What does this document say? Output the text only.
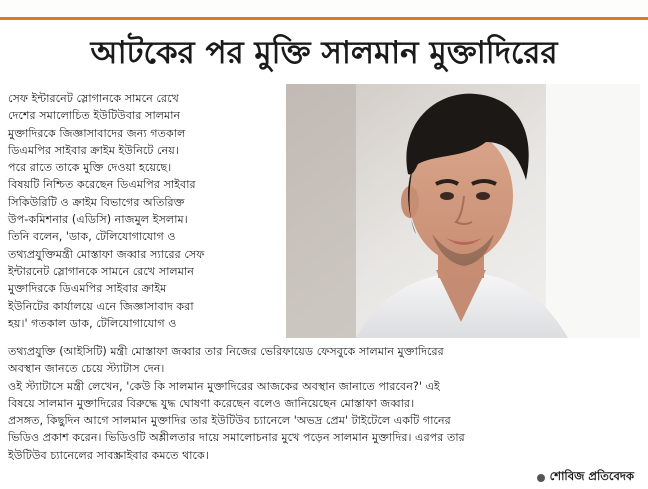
আটকের পর মুক্তি সালমান মুক্তাদিরের

সেফ ইন্টারনেট স্লোগানকে সামনে রেখে

দেশের সমালোচিত ইউটিউবার সালমান

মুক্তাদিরকে জিজ্ঞাসাবাদের জন্য গতকাল

ডিএমপির সাইবার ক্রাইম ইউনিটে নেয়।

পরে রাতে তাকে মুক্তি দেওয়া হয়েছে।

বিষয়টি নিশ্চিত করেছেন ডিএমপির সাইবার

সিকিউরিটি ও ক্রাইম বিভাগের অতিরিক্ত

উপ-কমিশনার (এডিসি) নাজমুল ইসলাম।

তিনি বলেন, 'ডাক, টেলিযোগাযোগ ও

তথ্যপ্রযুক্তিমন্ত্রী মোস্তাফা জব্বার স্যারের সেফ

ইন্টারনেট স্লোগানকে সামনে রেখে সালমান

মুক্তাদিরকে ডিএমপির সাইবার ক্রাইম

ইউনিটের কার্যালয়ে এনে জিজ্ঞাসাবাদ করা

হয়।' গতকাল ডাক, টেলিযোগাযোগ ও

তথ্যপ্রযুক্তি (আইসিটি) মন্ত্রী মোস্তাফা জব্বার তার নিজের ভেরিফায়েড ফেসবুকে সালমান মুক্তাদিরের

অবস্থান জানতে চেয়ে স্ট্যাটাস দেন।

ওই স্ট্যাটাসে মন্ত্রী লেখেন, 'কেউ কি সালমান মুক্তাদিরের আজকের অবস্থান জানাতে পারবেন?' এই

বিষয়ে সালমান মুক্তাদিরের বিরুদ্ধে যুদ্ধ ঘোষণা করেছেন বলেও জানিয়েছেন মোস্তাফা জব্বার।

প্রসঙ্গত, কিছুদিন আগে সালমান মুক্তাদির তার ইউটিউব চ্যানেলে 'অভদ্র প্রেম' টাইটেলে একটি গানের

ভিডিও প্রকাশ করেন। ভিডিওটি অশ্লীলতার দায়ে সমালোচনার মুখে পড়েন সালমান মুক্তাদির। এরপর তার

ইউটিউব চ্যানেলের সাবস্ক্রাইবার কমতে থাকে।

শোবিজ প্রতিবেদক
